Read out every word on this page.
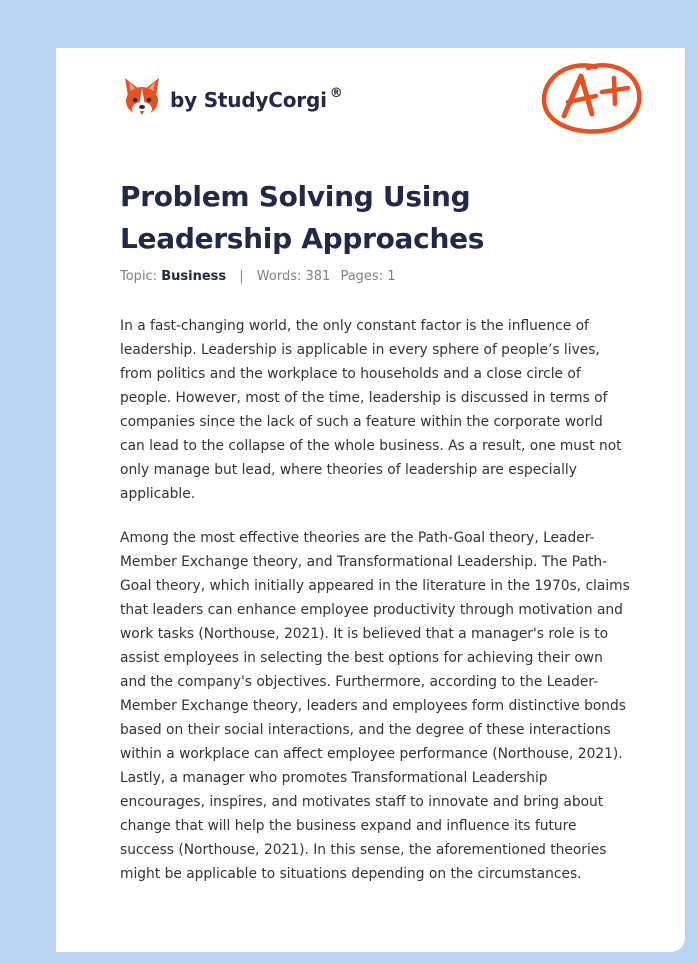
by StudyCorgi ®
Problem Solving Using Leadership Approaches
Topic: Business | Words: 381 Pages: 1

In a fast-changing world, the only constant factor is the influence of leadership. Leadership is applicable in every sphere of people’s lives, from politics and the workplace to households and a close circle of people. However, most of the time, leadership is discussed in terms of companies since the lack of such a feature within the corporate world can lead to the collapse of the whole business. As a result, one must not only manage but lead, where theories of leadership are especially applicable.

Among the most effective theories are the Path-Goal theory, Leader-Member Exchange theory, and Transformational Leadership. The Path-Goal theory, which initially appeared in the literature in the 1970s, claims that leaders can enhance employee productivity through motivation and work tasks (Northouse, 2021). It is believed that a manager's role is to assist employees in selecting the best options for achieving their own and the company's objectives. Furthermore, according to the Leader-Member Exchange theory, leaders and employees form distinctive bonds based on their social interactions, and the degree of these interactions within a workplace can affect employee performance (Northouse, 2021). Lastly, a manager who promotes Transformational Leadership encourages, inspires, and motivates staff to innovate and bring about change that will help the business expand and influence its future success (Northouse, 2021). In this sense, the aforementioned theories might be applicable to situations depending on the circumstances.
